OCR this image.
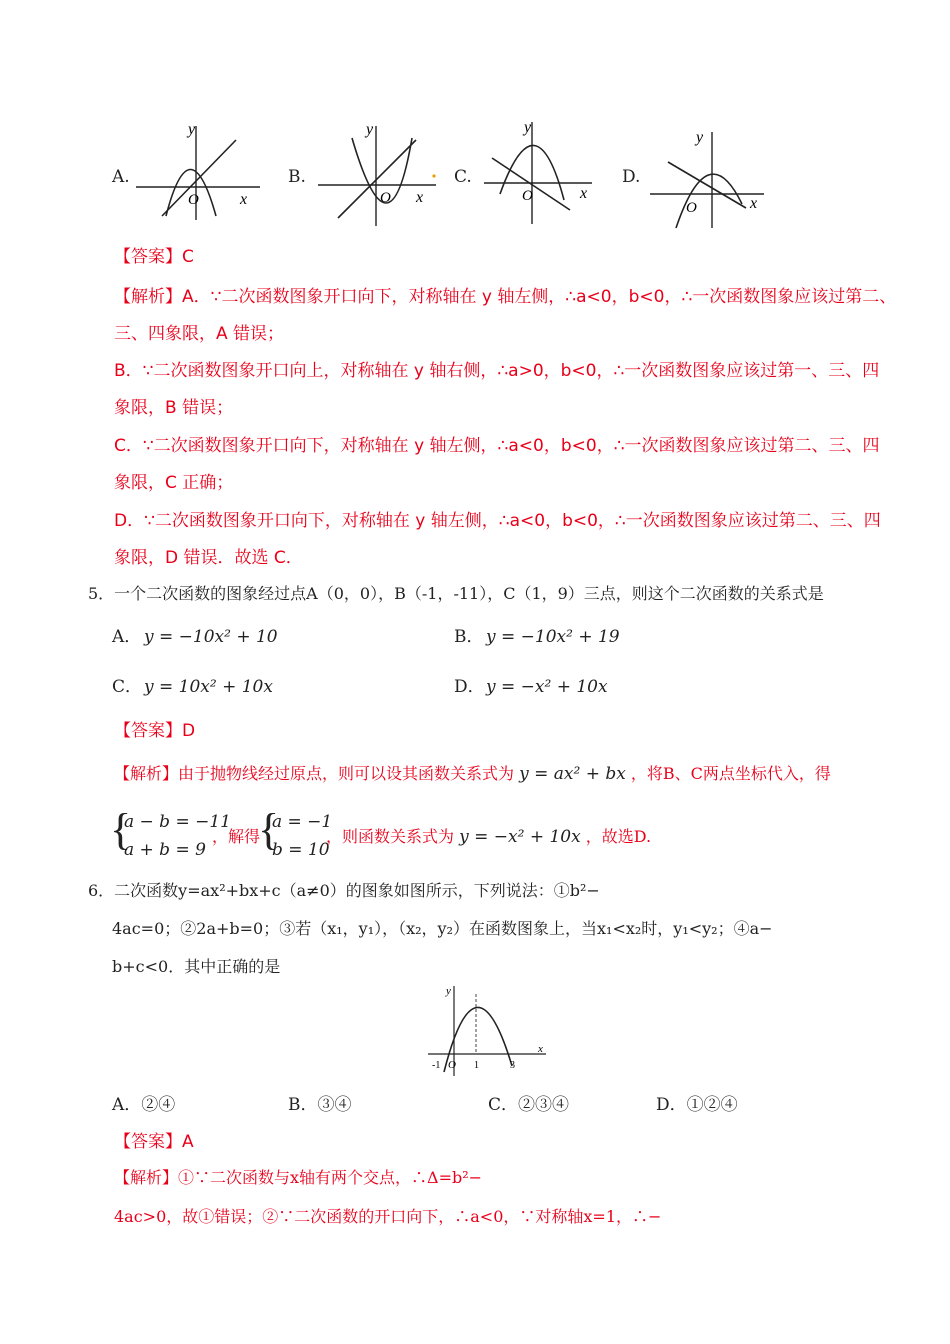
A.
y
x
O
B.
y
x
O
C.
y
x
O
D.
y
x
O
【答案】C
【解析】A．∵二次函数图象开口向下，对称轴在 y 轴左侧，∴a<0，b<0，∴一次函数图象应该过第二、
三、四象限，A 错误；
B．∵二次函数图象开口向上，对称轴在 y 轴右侧，∴a>0，b<0，∴一次函数图象应该过第一、三、四
象限，B 错误；
C．∵二次函数图象开口向下，对称轴在 y 轴左侧，∴a<0，b<0，∴一次函数图象应该过第二、三、四
象限，C 正确；
D．∵二次函数图象开口向下，对称轴在 y 轴左侧，∴a<0，b<0，∴一次函数图象应该过第二、三、四
象限，D 错误．故选 C．
5．一个二次函数的图象经过点A（0，0），B（-1，-11），C（1，9）三点，则这个二次函数的关系式是
A． y = −10x² + 10	B． y = −10x² + 19
C． y = 10x² + 10x	D． y = −x² + 10x
【答案】D
【解析】由于抛物线经过原点，则可以设其函数关系式为 y = ax² + bx ，将B、C两点坐标代入，得
{
a − b = −11
a + b = 9
，解得
{
a = −1
b = 10
，则函数关系式为 y = −x² + 10x ，故选D.
6．二次函数y=ax²+bx+c（a≠0）的图象如图所示，下列说法：①b²−
4ac=0；②2a+b=0；③若（x₁，y₁），（x₂，y₂）在函数图象上，当x₁<x₂时，y₁<y₂；④a−
b+c<0．其中正确的是
y
x
O
-1	1	3
A．②④	B．③④	C．②③④	D．①②④
【答案】A
【解析】①∵二次函数与x轴有两个交点，∴Δ=b²−
4ac>0，故①错误；②∵二次函数的开口向下，∴a<0，∵对称轴x=1，∴−
